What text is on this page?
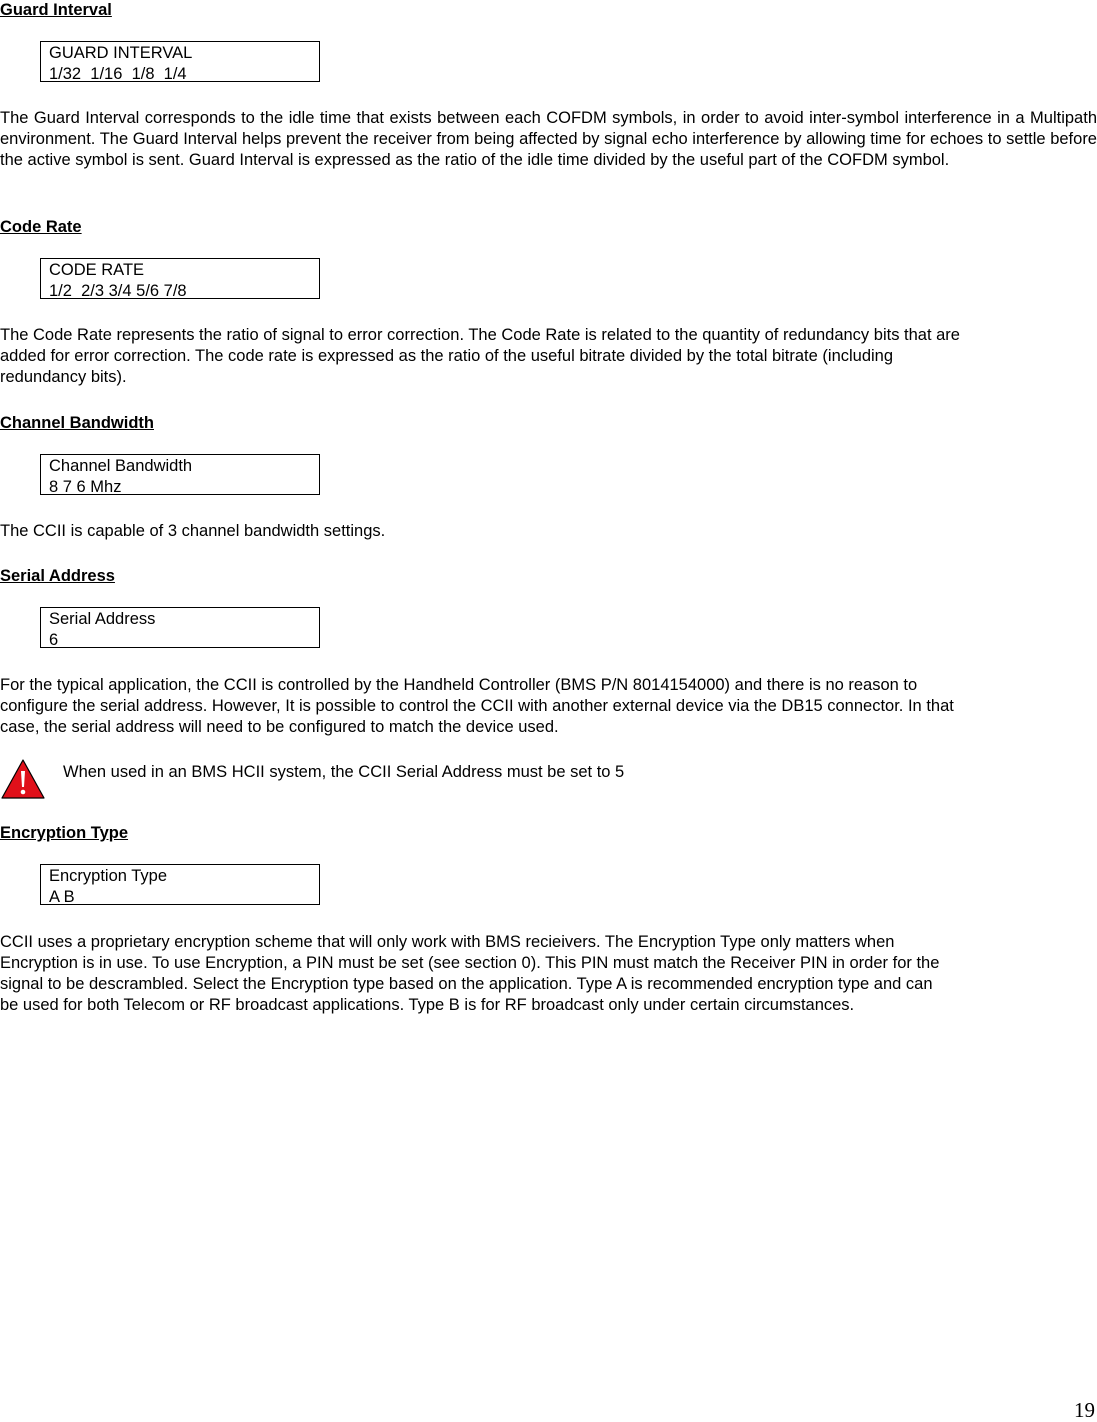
Guard Interval
GUARD INTERVAL
1/32  1/16  1/8  1/4

The Guard Interval corresponds to the idle time that exists between each COFDM symbols, in order to avoid inter-symbol interference in a Multipath environment. The Guard Interval helps prevent the receiver from being affected by signal echo interference by allowing time for echoes to settle before the active symbol is sent. Guard Interval is expressed as the ratio of the idle time divided by the useful part of the COFDM symbol.

Code Rate
CODE RATE
1/2  2/3 3/4 5/6 7/8
The Code Rate represents the ratio of signal to error correction. The Code Rate is related to the quantity of redundancy bits that are
added for error correction. The code rate is expressed as the ratio of the useful bitrate divided by the total bitrate (including
redundancy bits).
Channel Bandwidth
Channel Bandwidth
8 7 6 Mhz

The CCII is capable of 3 channel bandwidth settings.

Serial Address
Serial Address
6
For the typical application, the CCII is controlled by the Handheld Controller (BMS P/N 8014154000) and there is no reason to
configure the serial address. However, It is possible to control the CCII with another external device via the DB15 connector. In that
case, the serial address will need to be configured to match the device used.
When used in an BMS HCII system, the CCII Serial Address must be set to 5
Encryption Type
Encryption Type
A B
CCII uses a proprietary encryption scheme that will only work with BMS recieivers. The Encryption Type only matters when
Encryption is in use. To use Encryption, a PIN must be set (see section 0). This PIN must match the Receiver PIN in order for the
signal to be descrambled. Select the Encryption type based on the application. Type A is recommended encryption type and can
be used for both Telecom or RF broadcast applications. Type B is for RF broadcast only under certain circumstances.
19
